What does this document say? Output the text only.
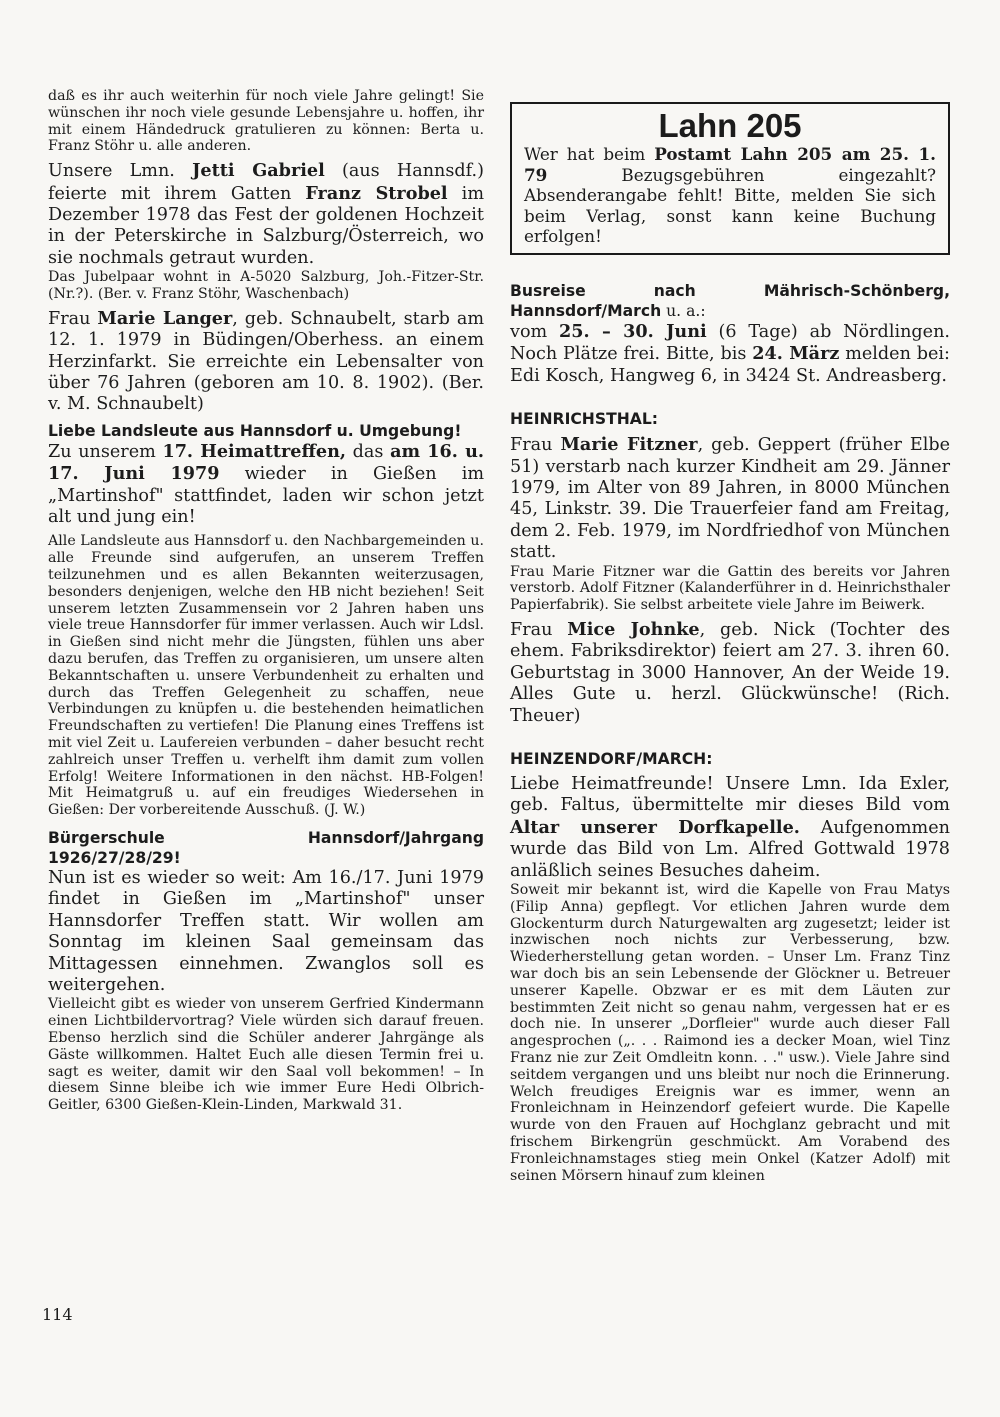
daß es ihr auch weiterhin für noch viele Jahre gelingt! Sie wünschen ihr noch viele gesunde Lebensjahre u. hoffen, ihr mit einem Händedruck gratulieren zu können: Berta u. Franz Stöhr u. alle anderen.

Unsere Lmn. Jetti Gabriel (aus Hannsdf.) feierte mit ihrem Gatten Franz Strobel im Dezember 1978 das Fest der goldenen Hochzeit in der Peterskirche in Salzburg/Österreich, wo sie nochmals getraut wurden.

Das Jubelpaar wohnt in A-5020 Salzburg, Joh.-Fitzer-Str. (Nr.?). (Ber. v. Franz Stöhr, Waschenbach)

Frau Marie Langer, geb. Schnaubelt, starb am 12. 1. 1979 in Büdingen/Oberhess. an einem Herzinfarkt. Sie erreichte ein Lebensalter von über 76 Jahren (geboren am 10. 8. 1902). (Ber. v. M. Schnaubelt)

Liebe Landsleute aus Hannsdorf u. Umgebung!

Zu unserem 17. Heimattreffen, das am 16. u. 17. Juni 1979 wieder in Gießen im „Martinshof" stattfindet, laden wir schon jetzt alt und jung ein!

Alle Landsleute aus Hannsdorf u. den Nachbargemeinden u. alle Freunde sind aufgerufen, an unserem Treffen teilzunehmen und es allen Bekannten weiterzusagen, besonders denjenigen, welche den HB nicht beziehen! Seit unserem letzten Zusammensein vor 2 Jahren haben uns viele treue Hannsdorfer für immer verlassen. Auch wir Ldsl. in Gießen sind nicht mehr die Jüngsten, fühlen uns aber dazu berufen, das Treffen zu organisieren, um unsere alten Bekanntschaften u. unsere Verbundenheit zu erhalten und durch das Treffen Gelegenheit zu schaffen, neue Verbindungen zu knüpfen u. die bestehenden heimatlichen Freundschaften zu vertiefen! Die Planung eines Treffens ist mit viel Zeit u. Laufereien verbunden – daher besucht recht zahlreich unser Treffen u. verhelft ihm damit zum vollen Erfolg! Weitere Informationen in den nächst. HB-Folgen! Mit Heimatgruß u. auf ein freudiges Wiedersehen in Gießen: Der vorbereitende Ausschuß. (J. W.)

Bürgerschule Hannsdorf/Jahrgang 1926/27/28/29!

Nun ist es wieder so weit: Am 16./17. Juni 1979 findet in Gießen im „Martinshof" unser Hannsdorfer Treffen statt. Wir wollen am Sonntag im kleinen Saal gemeinsam das Mittagessen einnehmen. Zwanglos soll es weitergehen.

Vielleicht gibt es wieder von unserem Gerfried Kindermann einen Lichtbildervortrag? Viele würden sich darauf freuen. Ebenso herzlich sind die Schüler anderer Jahrgänge als Gäste willkommen. Haltet Euch alle diesen Termin frei u. sagt es weiter, damit wir den Saal voll bekommen! – In diesem Sinne bleibe ich wie immer Eure Hedi Olbrich-Geitler, 6300 Gießen-Klein-Linden, Markwald 31.

Lahn 205

Wer hat beim Postamt Lahn 205 am 25. 1. 79 Bezugsgebühren eingezahlt? Absenderangabe fehlt! Bitte, melden Sie sich beim Verlag, sonst kann keine Buchung erfolgen!

Busreise nach Mährisch-Schönberg, Hannsdorf/March u. a.:

vom 25. – 30. Juni (6 Tage) ab Nördlingen. Noch Plätze frei. Bitte, bis 24. März melden bei: Edi Kosch, Hangweg 6, in 3424 St. Andreasberg.

HEINRICHSTHAL:

Frau Marie Fitzner, geb. Geppert (früher Elbe 51) verstarb nach kurzer Kindheit am 29. Jänner 1979, im Alter von 89 Jahren, in 8000 München 45, Linkstr. 39. Die Trauerfeier fand am Freitag, dem 2. Feb. 1979, im Nordfriedhof von München statt.

Frau Marie Fitzner war die Gattin des bereits vor Jahren verstorb. Adolf Fitzner (Kalanderführer in d. Heinrichsthaler Papierfabrik). Sie selbst arbeitete viele Jahre im Beiwerk.

Frau Mice Johnke, geb. Nick (Tochter des ehem. Fabriksdirektor) feiert am 27. 3. ihren 60. Geburtstag in 3000 Hannover, An der Weide 19. Alles Gute u. herzl. Glückwünsche! (Rich. Theuer)

HEINZENDORF/MARCH:

Liebe Heimatfreunde! Unsere Lmn. Ida Exler, geb. Faltus, übermittelte mir dieses Bild vom Altar unserer Dorfkapelle. Aufgenommen wurde das Bild von Lm. Alfred Gottwald 1978 anläßlich seines Besuches daheim.

Soweit mir bekannt ist, wird die Kapelle von Frau Matys (Filip Anna) gepflegt. Vor etlichen Jahren wurde dem Glockenturm durch Naturgewalten arg zugesetzt; leider ist inzwischen noch nichts zur Verbesserung, bzw. Wiederherstellung getan worden. – Unser Lm. Franz Tinz war doch bis an sein Lebensende der Glöckner u. Betreuer unserer Kapelle. Obzwar er es mit dem Läuten zur bestimmten Zeit nicht so genau nahm, vergessen hat er es doch nie. In unserer „Dorfleier" wurde auch dieser Fall angesprochen („. . . Raimond ies a decker Moan, wiel Tinz Franz nie zur Zeit Omdleitn konn. . ." usw.). Viele Jahre sind seitdem vergangen und uns bleibt nur noch die Erinnerung. Welch freudiges Ereignis war es immer, wenn an Fronleichnam in Heinzendorf gefeiert wurde. Die Kapelle wurde von den Frauen auf Hochglanz gebracht und mit frischem Birkengrün geschmückt. Am Vorabend des Fronleichnamstages stieg mein Onkel (Katzer Adolf) mit seinen Mörsern hinauf zum kleinen

114
